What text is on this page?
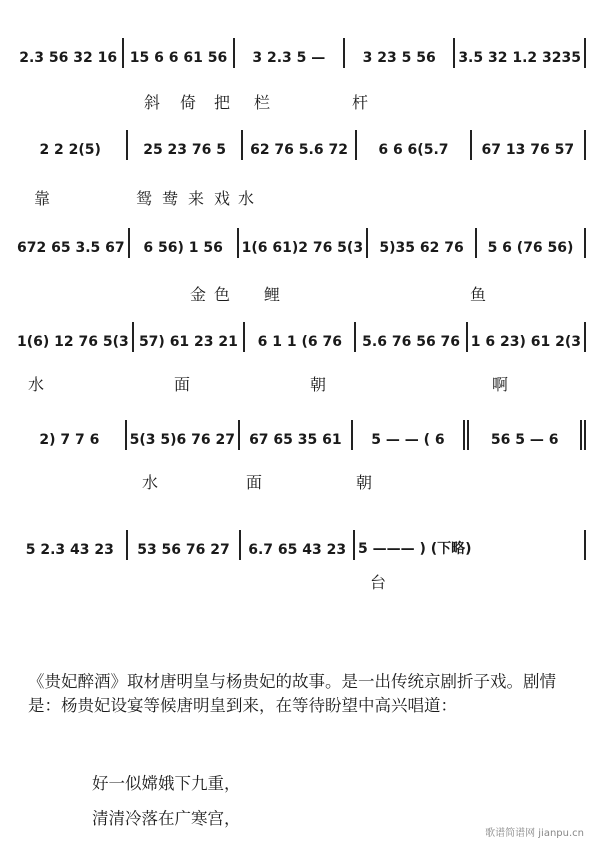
2.3 56 32 16 15 6 6 61 56 3 2.3 5 —	3 23 5 56 3.5 32 1.2 3235
斜 倚 把 栏	杆
2 2 2(5)	25 23 76 5 62 76 5.6 72 6 6 6(5.7 67 13 76 57
靠	鸳 鸯 来 戏 水
672 65 3.5 67 6 56) 1 56 1(6 61)2 76 5(3 5)35 62 76 5 6 (76 56)
金 色 鲤	鱼
1(6) 12 76 5(3 57) 61 23 21 6 1 1 (6 76 5.6 76 56 76 1 6 23) 61 2(3
水	面	朝	啊
2) 7 7 6 5(3 5)6 76 27 67 65 35 61 5 — — ( 6	56 5 — 6
水	面	朝
5 2.3 43 23 53 56 76 27 6.7 65 43 23 5 ——— ) (下略)
台
《贵妃醉酒》取材唐明皇与杨贵妃的故事。是一出传统京剧折子戏。剧情是：杨贵妃设宴等候唐明皇到来，在等待盼望中高兴唱道：
好一似嫦娥下九重，
清清冷落在广寒宫，
歌谱简谱网 jianpu.cn
